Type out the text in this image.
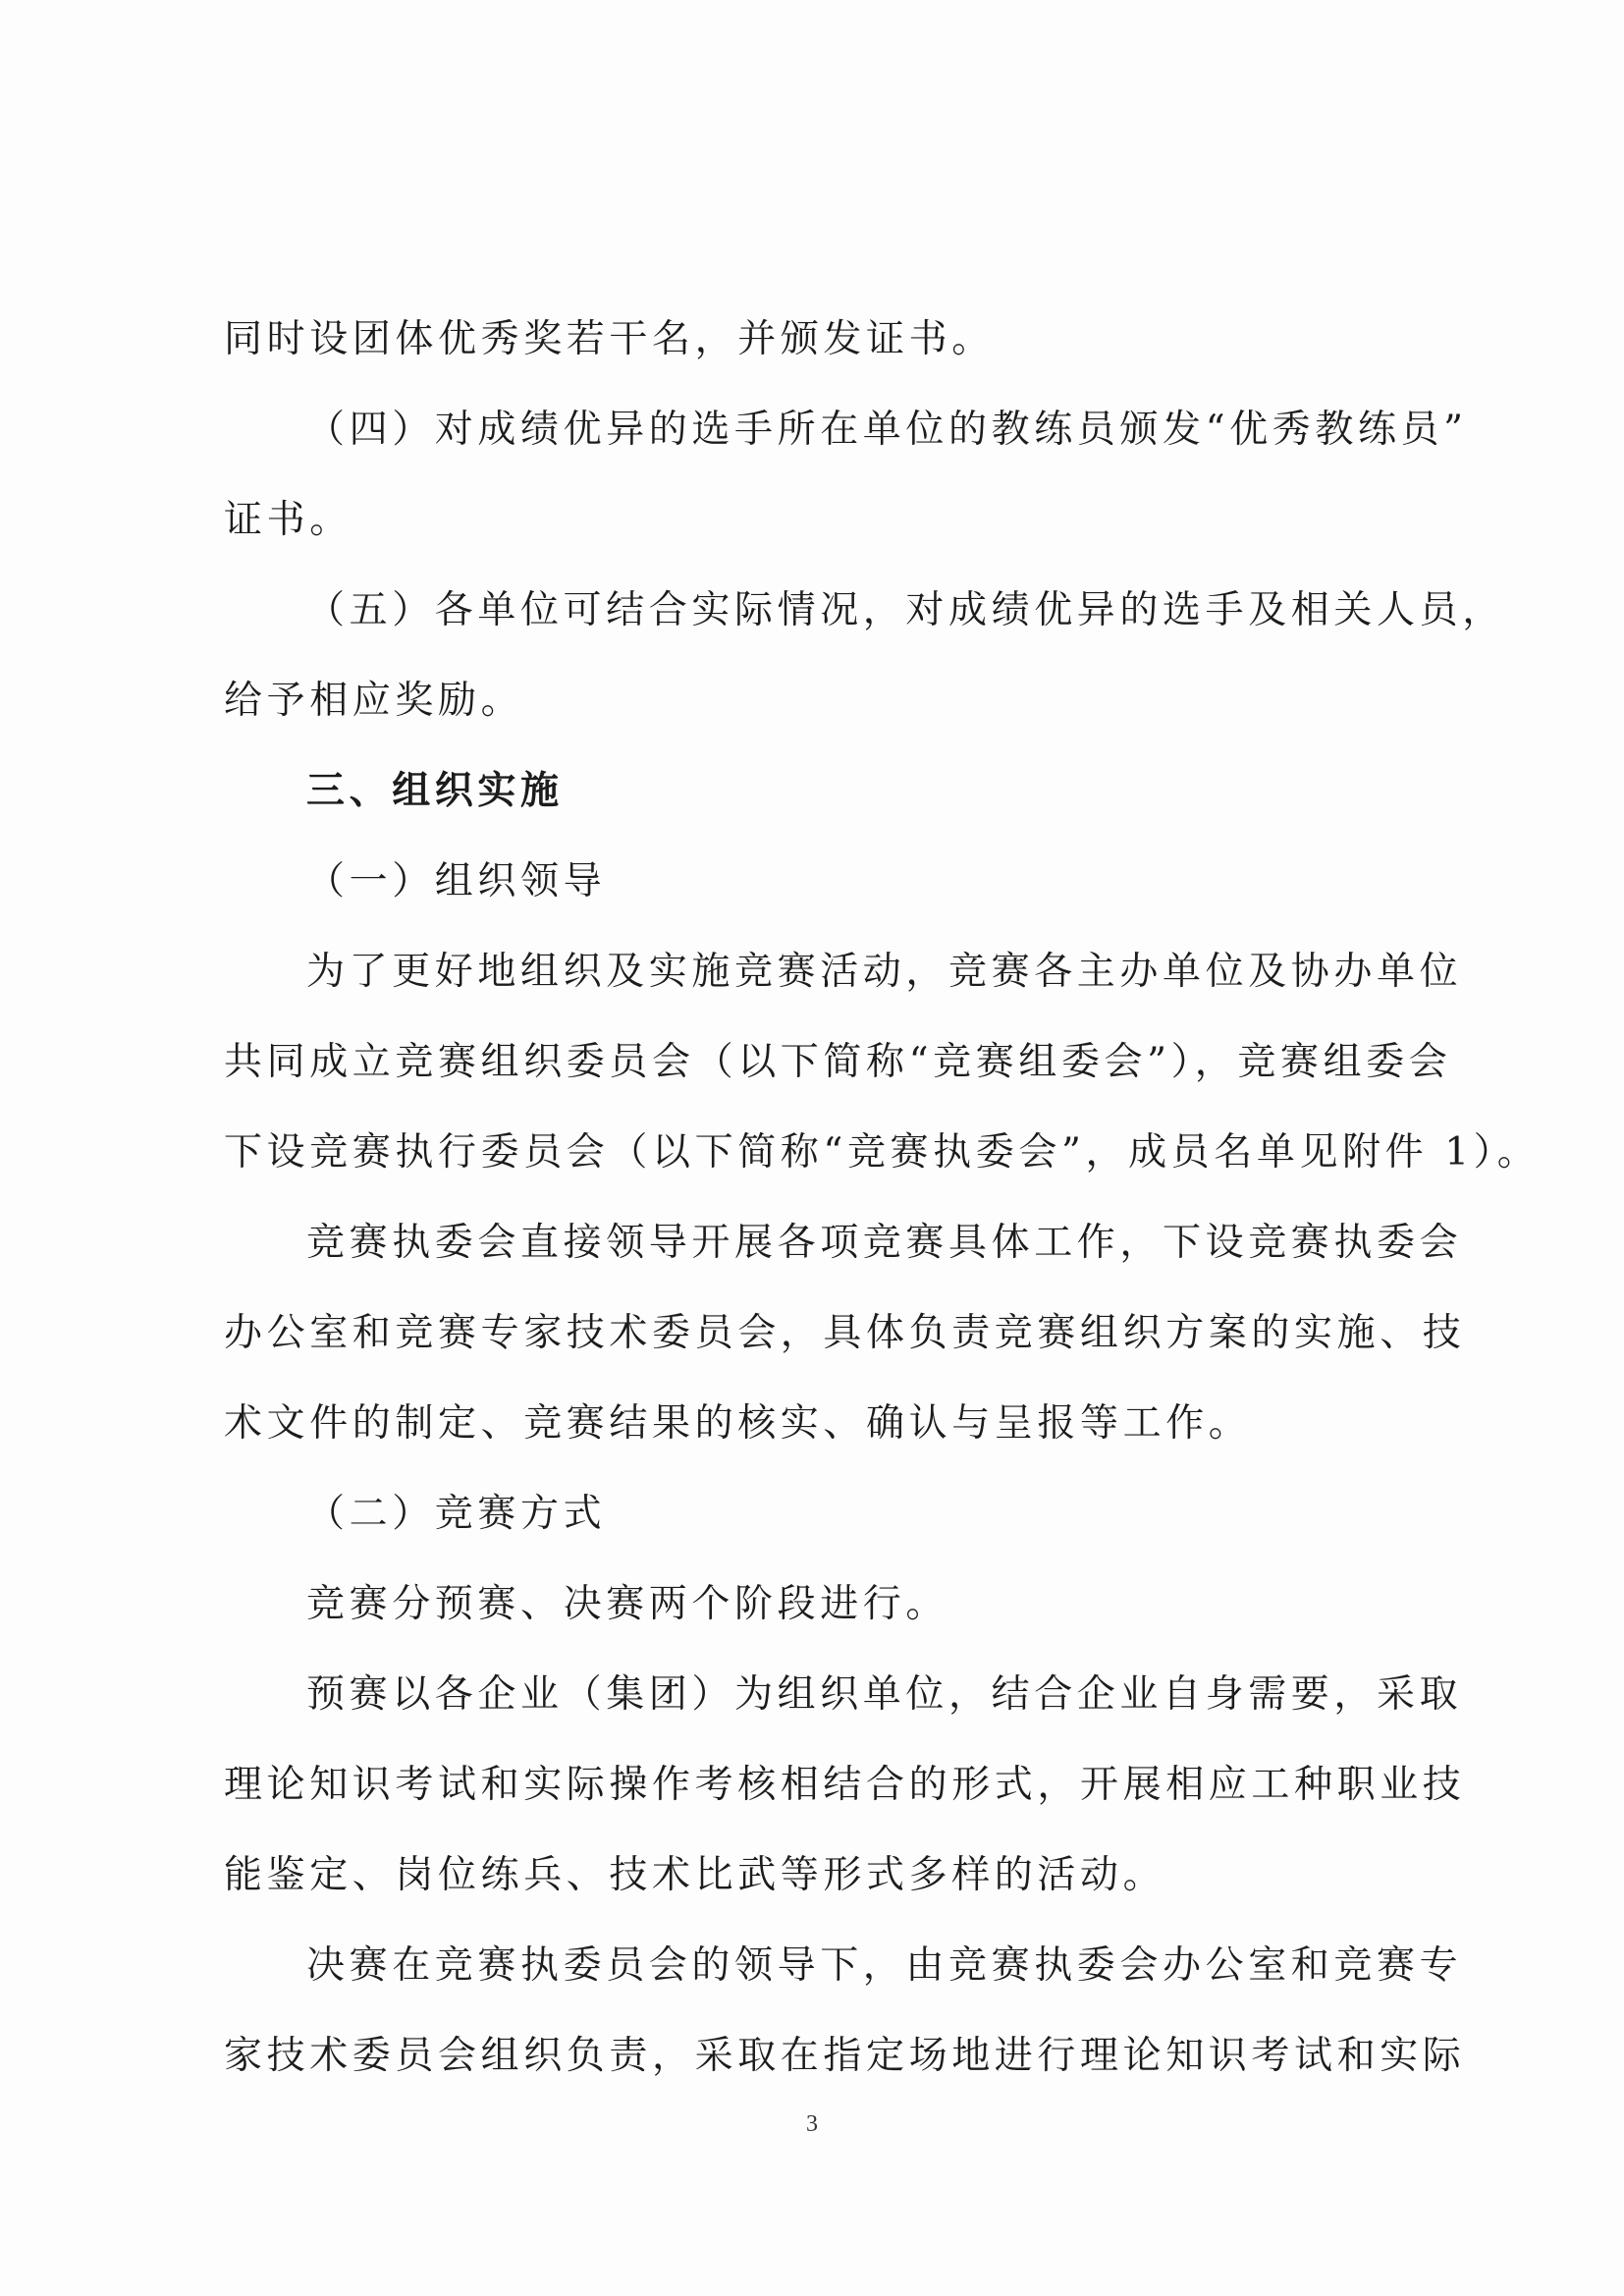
同时设团体优秀奖若干名，并颁发证书。
（四）对成绩优异的选手所在单位的教练员颁发“优秀教练员”
证书。
（五）各单位可结合实际情况，对成绩优异的选手及相关人员，
给予相应奖励。
三、组织实施
（一）组织领导
为了更好地组织及实施竞赛活动，竞赛各主办单位及协办单位
共同成立竞赛组织委员会（以下简称“竞赛组委会”），竞赛组委会
下设竞赛执行委员会（以下简称“竞赛执委会”，成员名单见附件 1）。
竞赛执委会直接领导开展各项竞赛具体工作，下设竞赛执委会
办公室和竞赛专家技术委员会，具体负责竞赛组织方案的实施、技
术文件的制定、竞赛结果的核实、确认与呈报等工作。
（二）竞赛方式
竞赛分预赛、决赛两个阶段进行。
预赛以各企业（集团）为组织单位，结合企业自身需要，采取
理论知识考试和实际操作考核相结合的形式，开展相应工种职业技
能鉴定、岗位练兵、技术比武等形式多样的活动。
决赛在竞赛执委员会的领导下，由竞赛执委会办公室和竞赛专
家技术委员会组织负责，采取在指定场地进行理论知识考试和实际
3
